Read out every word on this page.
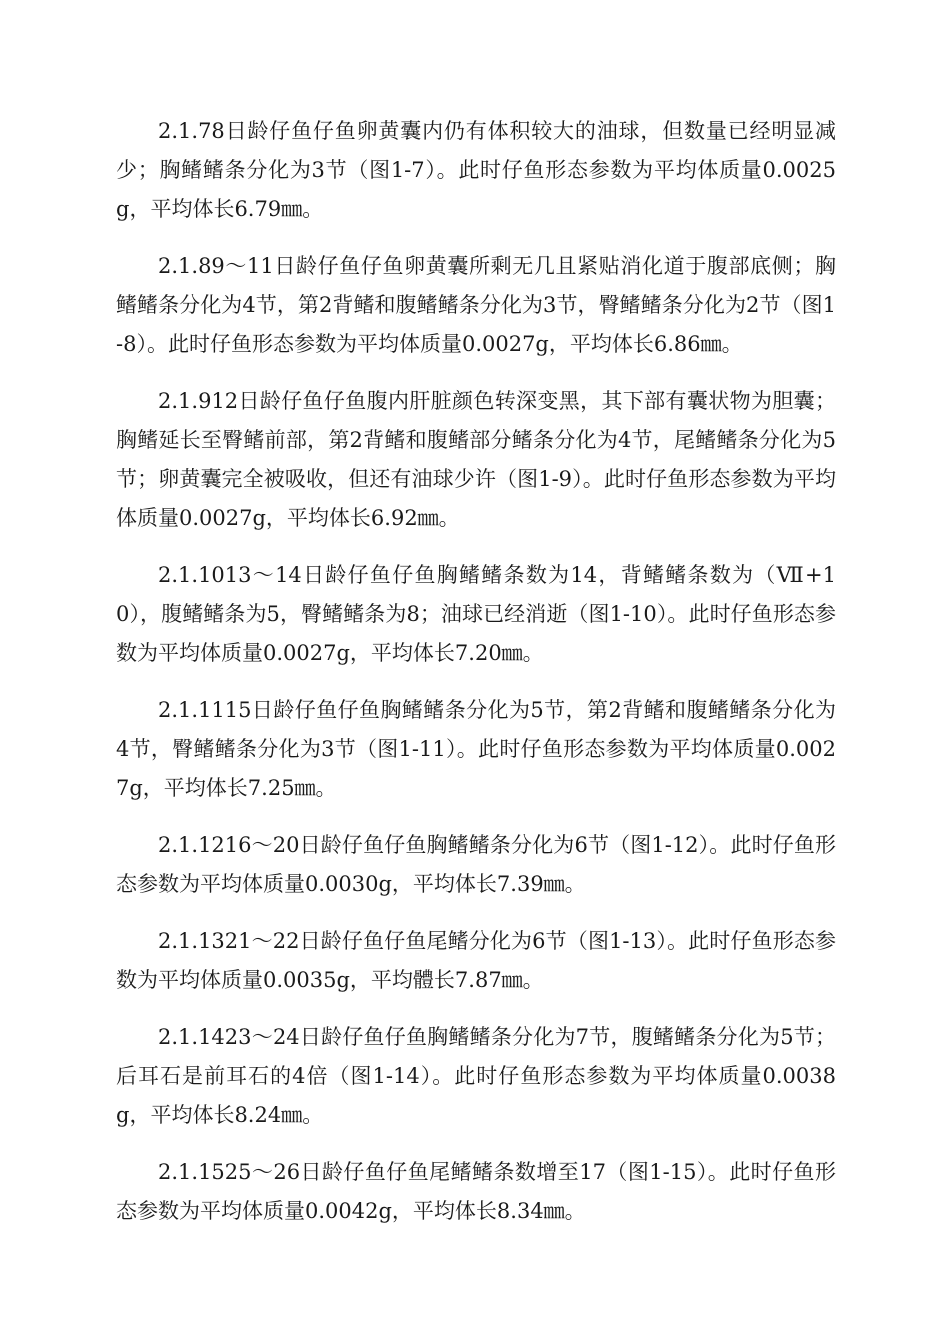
2.1.78日龄仔鱼仔鱼卵黄囊内仍有体积较大的油球，但数量已经明显减少；胸鳍鳍条分化为3节（图1-7）。此时仔鱼形态参数为平均体质量0.0025g，平均体长6.79㎜。

2.1.89～11日龄仔鱼仔鱼卵黄囊所剩无几且紧贴消化道于腹部底侧；胸鳍鳍条分化为4节，第2背鳍和腹鳍鳍条分化为3节，臀鳍鳍条分化为2节（图1-8）。此时仔鱼形态参数为平均体质量0.0027g，平均体长6.86㎜。

2.1.912日龄仔鱼仔鱼腹内肝脏颜色转深变黑，其下部有囊状物为胆囊；胸鳍延长至臀鳍前部，第2背鳍和腹鳍部分鳍条分化为4节，尾鳍鳍条分化为5节；卵黄囊完全被吸收，但还有油球少许（图1-9）。此时仔鱼形态参数为平均体质量0.0027g，平均体长6.92㎜。

2.1.1013～14日龄仔鱼仔鱼胸鳍鳍条数为14，背鳍鳍条数为（Ⅶ+10），腹鳍鳍条为5，臀鳍鳍条为8；油球已经消逝（图1-10）。此时仔鱼形态参数为平均体质量0.0027g，平均体长7.20㎜。

2.1.1115日龄仔鱼仔鱼胸鳍鳍条分化为5节，第2背鳍和腹鳍鳍条分化为4节，臀鳍鳍条分化为3节（图1-11）。此时仔鱼形态参数为平均体质量0.0027g，平均体长7.25㎜。

2.1.1216～20日龄仔鱼仔鱼胸鳍鳍条分化为6节（图1-12）。此时仔鱼形态参数为平均体质量0.0030g，平均体长7.39㎜。

2.1.1321～22日龄仔鱼仔鱼尾鳍分化为6节（图1-13）。此时仔鱼形态参数为平均体质量0.0035g，平均體长7.87㎜。

2.1.1423～24日龄仔鱼仔鱼胸鳍鳍条分化为7节，腹鳍鳍条分化为5节；后耳石是前耳石的4倍（图1-14）。此时仔鱼形态参数为平均体质量0.0038g，平均体长8.24㎜。

2.1.1525～26日龄仔鱼仔鱼尾鳍鳍条数增至17（图1-15）。此时仔鱼形态参数为平均体质量0.0042g，平均体长8.34㎜。
